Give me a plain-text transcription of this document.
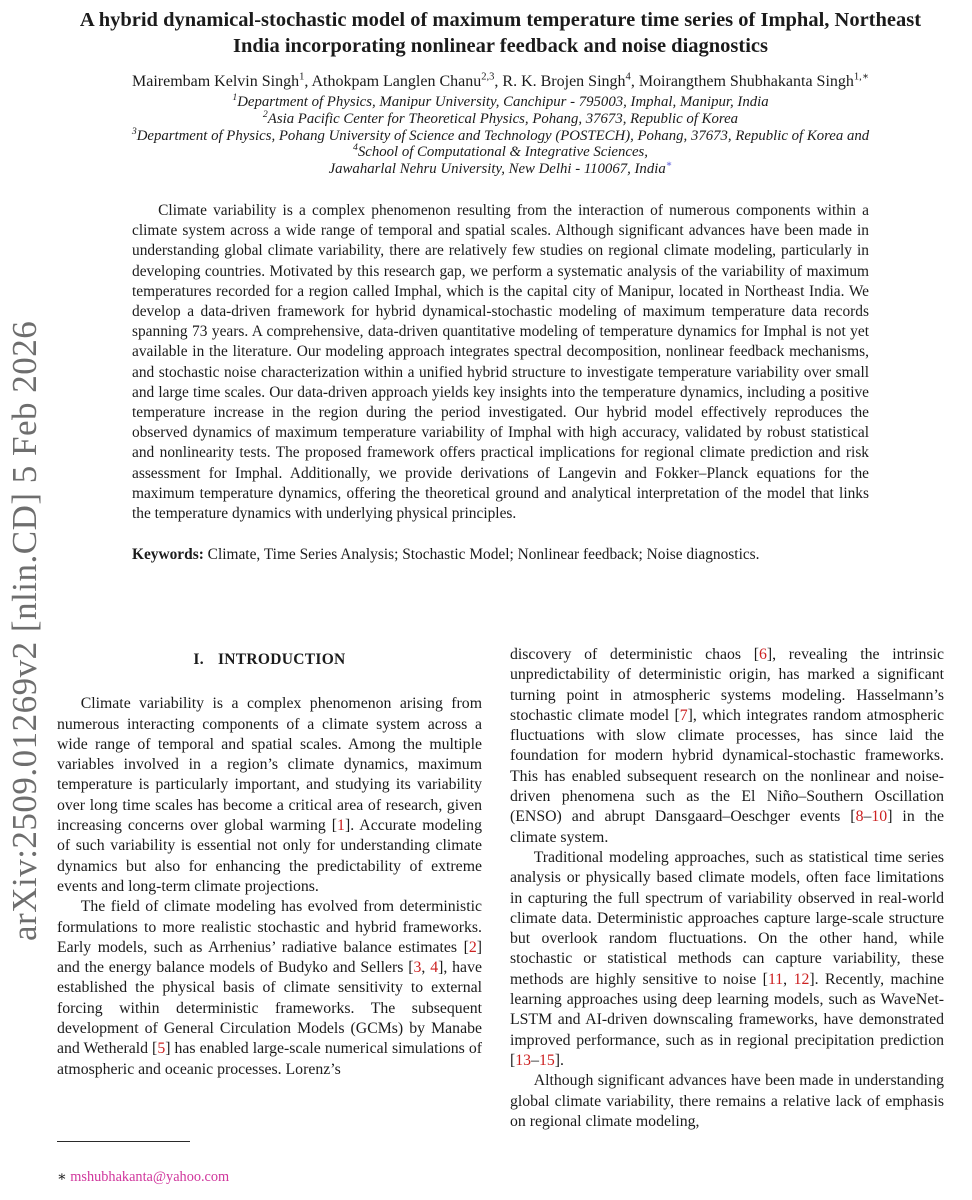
arXiv:2509.01269v2 [nlin.CD] 5 Feb 2026
A hybrid dynamical-stochastic model of maximum temperature time series of Imphal, Northeast India incorporating nonlinear feedback and noise diagnostics
Mairembam Kelvin Singh$^1$, Athokpam Langlen Chanu$^{2,3}$, R. K. Brojen Singh$^4$, Moirangthem Shubhakanta Singh$^{1,∗}$
$^1$Department of Physics, Manipur University, Canchipur - 795003, Imphal, Manipur, India
$^2$Asia Pacific Center for Theoretical Physics, Pohang, 37673, Republic of Korea
$^3$Department of Physics, Pohang University of Science and Technology (POSTECH), Pohang, 37673, Republic of Korea and
$^4$School of Computational & Integrative Sciences,
Jawaharlal Nehru University, New Delhi - 110067, India∗

Climate variability is a complex phenomenon resulting from the interaction of numerous components within a climate system across a wide range of temporal and spatial scales. Although significant advances have been made in understanding global climate variability, there are relatively few studies on regional climate modeling, particularly in developing countries. Motivated by this research gap, we perform a systematic analysis of the variability of maximum temperatures recorded for a region called Imphal, which is the capital city of Manipur, located in Northeast India. We develop a data-driven framework for hybrid dynamical-stochastic modeling of maximum temperature data records spanning 73 years. A comprehensive, data-driven quantitative modeling of temperature dynamics for Imphal is not yet available in the literature. Our modeling approach integrates spectral decomposition, nonlinear feedback mechanisms, and stochastic noise characterization within a unified hybrid structure to investigate temperature variability over small and large time scales. Our data-driven approach yields key insights into the temperature dynamics, including a positive temperature increase in the region during the period investigated. Our hybrid model effectively reproduces the observed dynamics of maximum temperature variability of Imphal with high accuracy, validated by robust statistical and nonlinearity tests. The proposed framework offers practical implications for regional climate prediction and risk assessment for Imphal. Additionally, we provide derivations of Langevin and Fokker–Planck equations for the maximum temperature dynamics, offering the theoretical ground and analytical interpretation of the model that links the temperature dynamics with underlying physical principles.

Keywords: Climate, Time Series Analysis; Stochastic Model; Nonlinear feedback; Noise diagnostics.

I. INTRODUCTION

Climate variability is a complex phenomenon arising from numerous interacting components of a climate system across a wide range of temporal and spatial scales. Among the multiple variables involved in a region’s climate dynamics, maximum temperature is particularly important, and studying its variability over long time scales has become a critical area of research, given increasing concerns over global warming [1]. Accurate modeling of such variability is essential not only for understanding climate dynamics but also for enhancing the predictability of extreme events and long-term climate projections.

The field of climate modeling has evolved from deterministic formulations to more realistic stochastic and hybrid frameworks. Early models, such as Arrhenius’ radiative balance estimates [2] and the energy balance models of Budyko and Sellers [3, 4], have established the physical basis of climate sensitivity to external forcing within deterministic frameworks. The subsequent development of General Circulation Models (GCMs) by Manabe and Wetherald [5] has enabled large-scale numerical simulations of atmospheric and oceanic processes. Lorenz’s

discovery of deterministic chaos [6], revealing the intrinsic unpredictability of deterministic origin, has marked a significant turning point in atmospheric systems modeling. Hasselmann’s stochastic climate model [7], which integrates random atmospheric fluctuations with slow climate processes, has since laid the foundation for modern hybrid dynamical-stochastic frameworks. This has enabled subsequent research on the nonlinear and noise-driven phenomena such as the El Niño–Southern Oscillation (ENSO) and abrupt Dansgaard–Oeschger events [8–10] in the climate system.

Traditional modeling approaches, such as statistical time series analysis or physically based climate models, often face limitations in capturing the full spectrum of variability observed in real-world climate data. Deterministic approaches capture large-scale structure but overlook random fluctuations. On the other hand, while stochastic or statistical methods can capture variability, these methods are highly sensitive to noise [11, 12]. Recently, machine learning approaches using deep learning models, such as WaveNet-LSTM and AI-driven downscaling frameworks, have demonstrated improved performance, such as in regional precipitation prediction [13–15].

Although significant advances have been made in understanding global climate variability, there remains a relative lack of emphasis on regional climate modeling,

∗ mshubhakanta@yahoo.com
